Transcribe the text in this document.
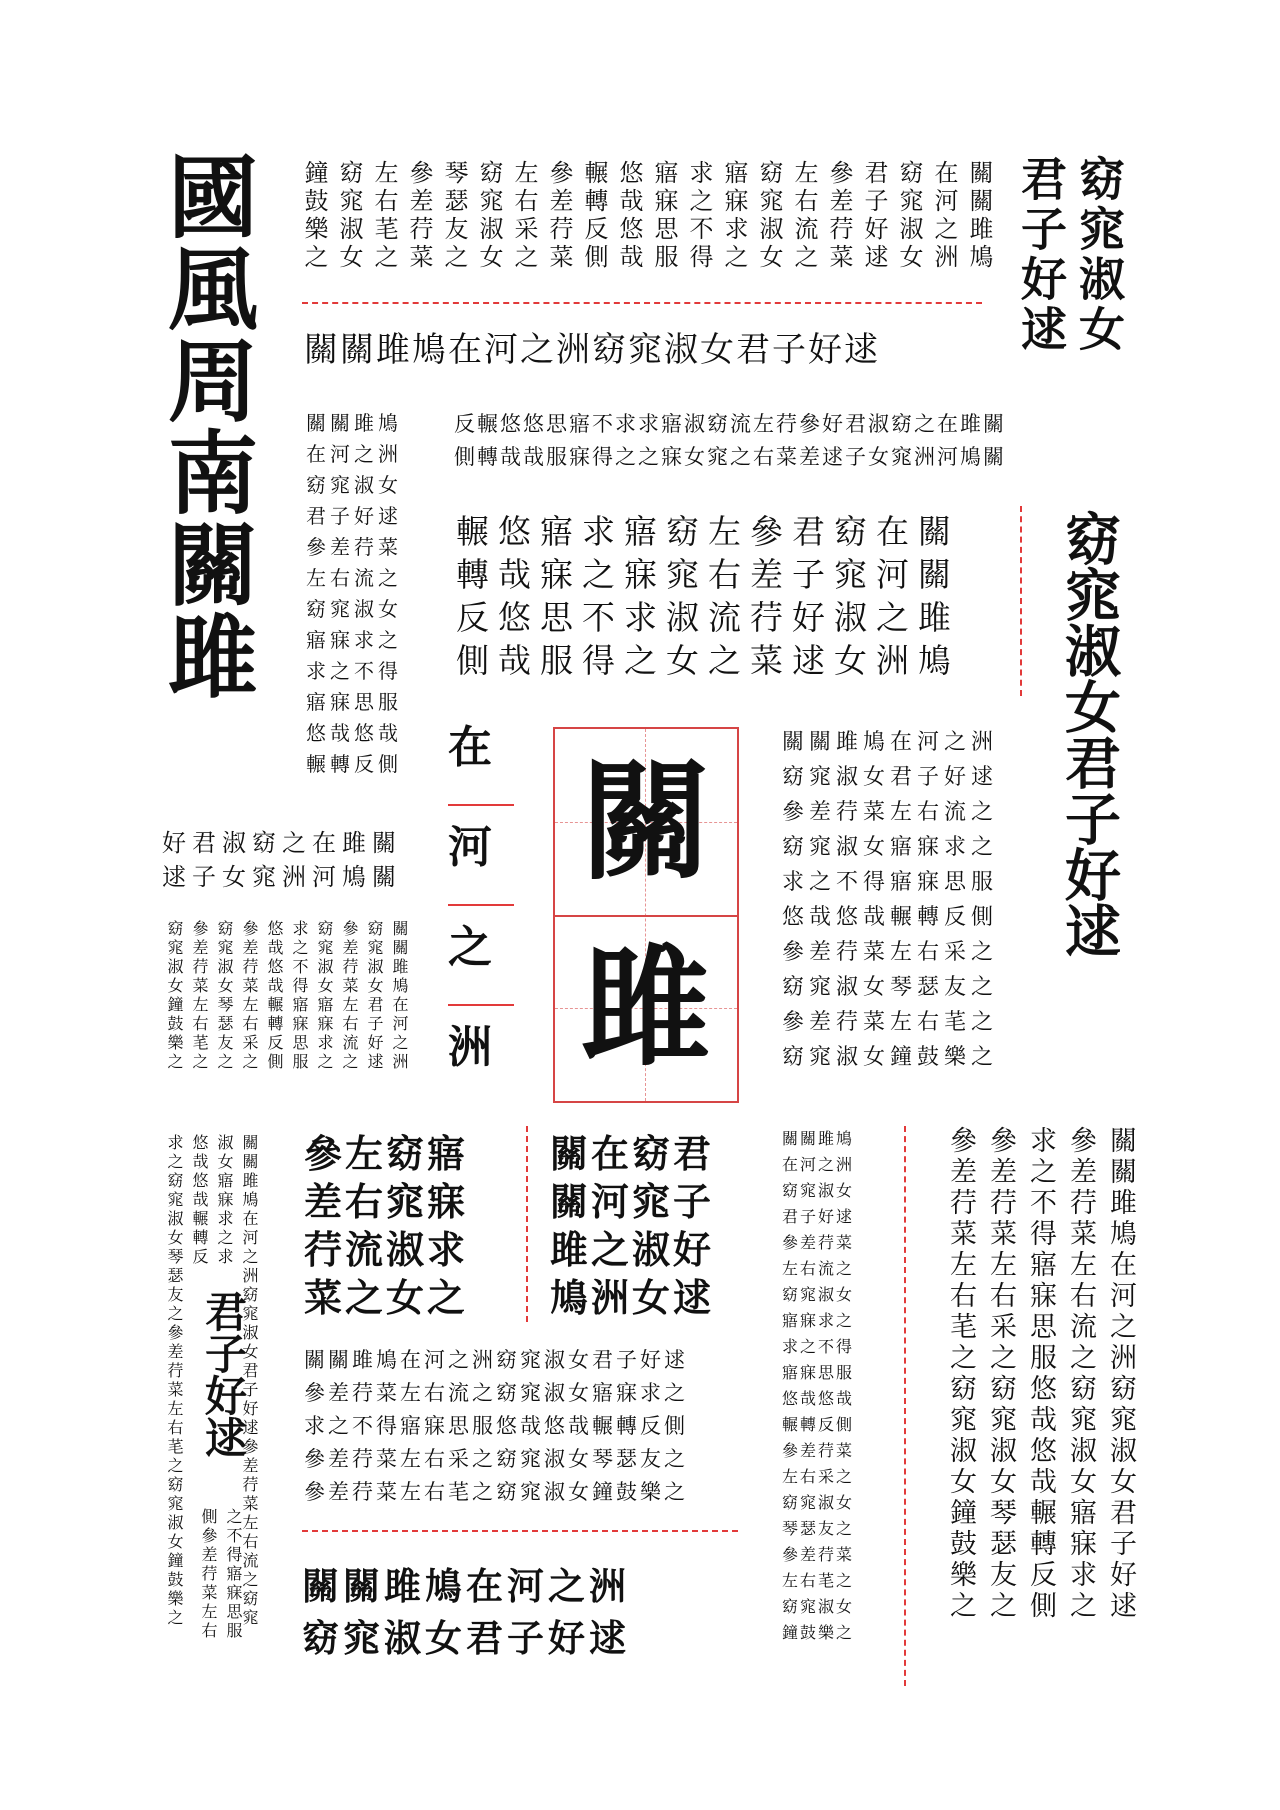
國風周南關雎	關關雎鳩
在河之洲
窈窕淑女
君子好逑
參差荇菜
左右流之
窈窕淑女
寤寐求之
求之不得
寤寐思服
悠哉悠哉
輾轉反側
參差荇菜
左右采之
窈窕淑女
琴瑟友之
參差荇菜
左右芼之
窈窕淑女
鐘鼓樂之	窈窕淑女
君子好逑
關關雎鳩在河之洲窈窕淑女君子好逑
關關雎鳩
在河之洲
窈窕淑女
君子好逑
參差荇菜
左右流之
窈窕淑女
寤寐求之
求之不得
寤寐思服
悠哉悠哉
輾轉反側
反輾悠悠思寤不求求寤淑窈流左荇參好君淑窈之在雎關
側轉哉哉服寐得之之寐女窕之右菜差逑子女窕洲河鳩關
輾悠寤求寤窈左參君窈在關
轉哉寐之寐窕右差子窕河關
反悠思不求淑流荇好淑之雎
側哉服得之女之菜逑女洲鳩 窈窕淑女君子好逑
在
河
之
洲
關
雎
關關雎鳩在河之洲
窈窕淑女君子好逑
參差荇菜左右流之
窈窕淑女寤寐求之
求之不得寤寐思服
悠哉悠哉輾轉反側
參差荇菜左右采之
窈窕淑女琴瑟友之
參差荇菜左右芼之
窈窕淑女鐘鼓樂之
好君淑窈之在雎關
逑子女窕洲河鳩關
關關雎鳩在河之洲
窈窕淑女君子好逑
參差荇菜左右流之
窈窕淑女寤寐求之
求之不得寤寐思服
悠哉悠哉輾轉反側
參差荇菜左右采之
窈窕淑女琴瑟友之
參差荇菜左右芼之
窈窕淑女鐘鼓樂之
關關雎鳩在河之洲窈窕淑女君子好逑參差荇菜左右流之窈窕
淑女寤寐求之求
悠哉悠哉輾轉反
求之窈窕淑女琴瑟友之參差荇菜左右芼之窈窕淑女鐘鼓樂之 君子好逑
之不得寤寐思服
側參差荇菜左右
參左窈寤
差右窕寐
荇流淑求
菜之女之
關在窈君
關河窕子
雎之淑好
鳩洲女逑
關關雎鳩在河之洲窈窕淑女君子好逑
參差荇菜左右流之窈窕淑女寤寐求之
求之不得寤寐思服悠哉悠哉輾轉反側
參差荇菜左右采之窈窕淑女琴瑟友之
參差荇菜左右芼之窈窕淑女鐘鼓樂之
關關雎鳩在河之洲
窈窕淑女君子好逑
關關雎鳩
在河之洲
窈窕淑女
君子好逑
參差荇菜
左右流之
窈窕淑女
寤寐求之
求之不得
寤寐思服
悠哉悠哉
輾轉反側
參差荇菜
左右采之
窈窕淑女
琴瑟友之
參差荇菜
左右芼之
窈窕淑女
鐘鼓樂之
關關雎鳩在河之洲窈窕淑女君子好逑
參差荇菜左右流之窈窕淑女寤寐求之
求之不得寤寐思服悠哉悠哉輾轉反側
參差荇菜左右采之窈窕淑女琴瑟友之
參差荇菜左右芼之窈窕淑女鐘鼓樂之
